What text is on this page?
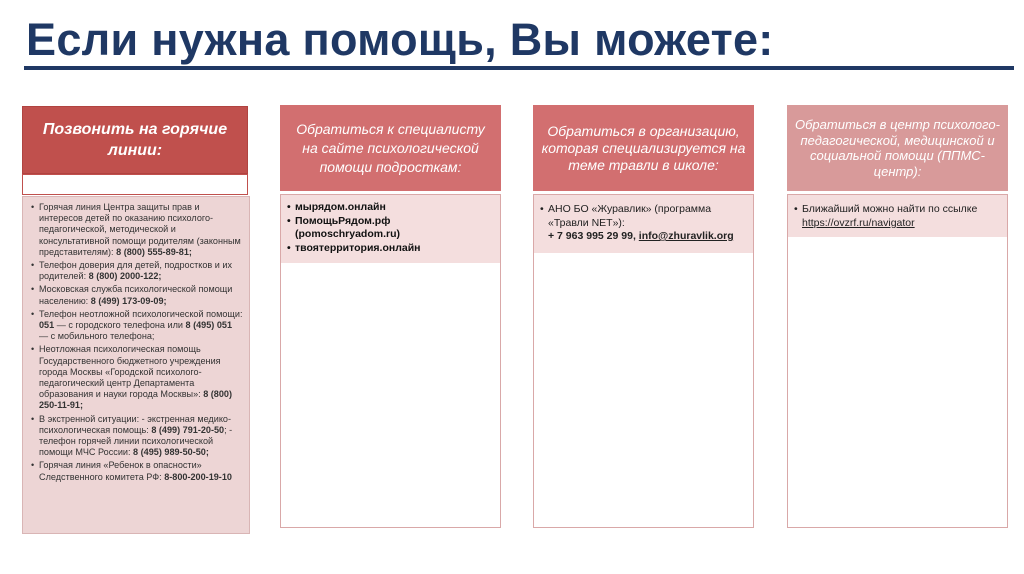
Если нужна помощь, Вы можете:
Позвонить на горячие линии:
• Горячая линия Центра защиты прав и интересов детей по оказанию психолого-педагогической, методической и консультативной помощи родителям (законным представителям): 8 (800) 555-89-81;
• Телефон доверия для детей, подростков и их родителей: 8 (800) 2000-122;
• Московская служба психологической помощи населению: 8 (499) 173-09-09;
• Телефон неотложной психологической помощи: 051 — с городского телефона или 8 (495) 051 — с мобильного телефона;
• Неотложная психологическая помощь Государственного бюджетного учреждения города Москвы «Городской психолого-педагогический центр Департамента образования и науки города Москвы»: 8 (800) 250-11-91;
• В экстренной ситуации: - экстренная медико-психологическая помощь: 8 (499) 791-20-50; - телефон горячей линии психологической помощи МЧС России: 8 (495) 989-50-50;
• Горячая линия «Ребенок в опасности» Следственного комитета РФ: 8-800-200-19-10
Обратиться к специалисту на сайте психологической помощи подросткам:
• мырядом.онлайн
• ПомощьРядом.рф (pomoschryadom.ru)
• твоятерритория.онлайн
Обратиться в организацию, которая специализируется на теме травли в школе:
• АНО БО «Журавлик» (программа «Травли NET»):
+ 7 963 995 29 99, info@zhuravlik.org
Обратиться в центр психолого-педагогической, медицинской и социальной помощи (ППМС-центр):
• Ближайший можно найти по ссылке
https://ovzrf.ru/navigator
